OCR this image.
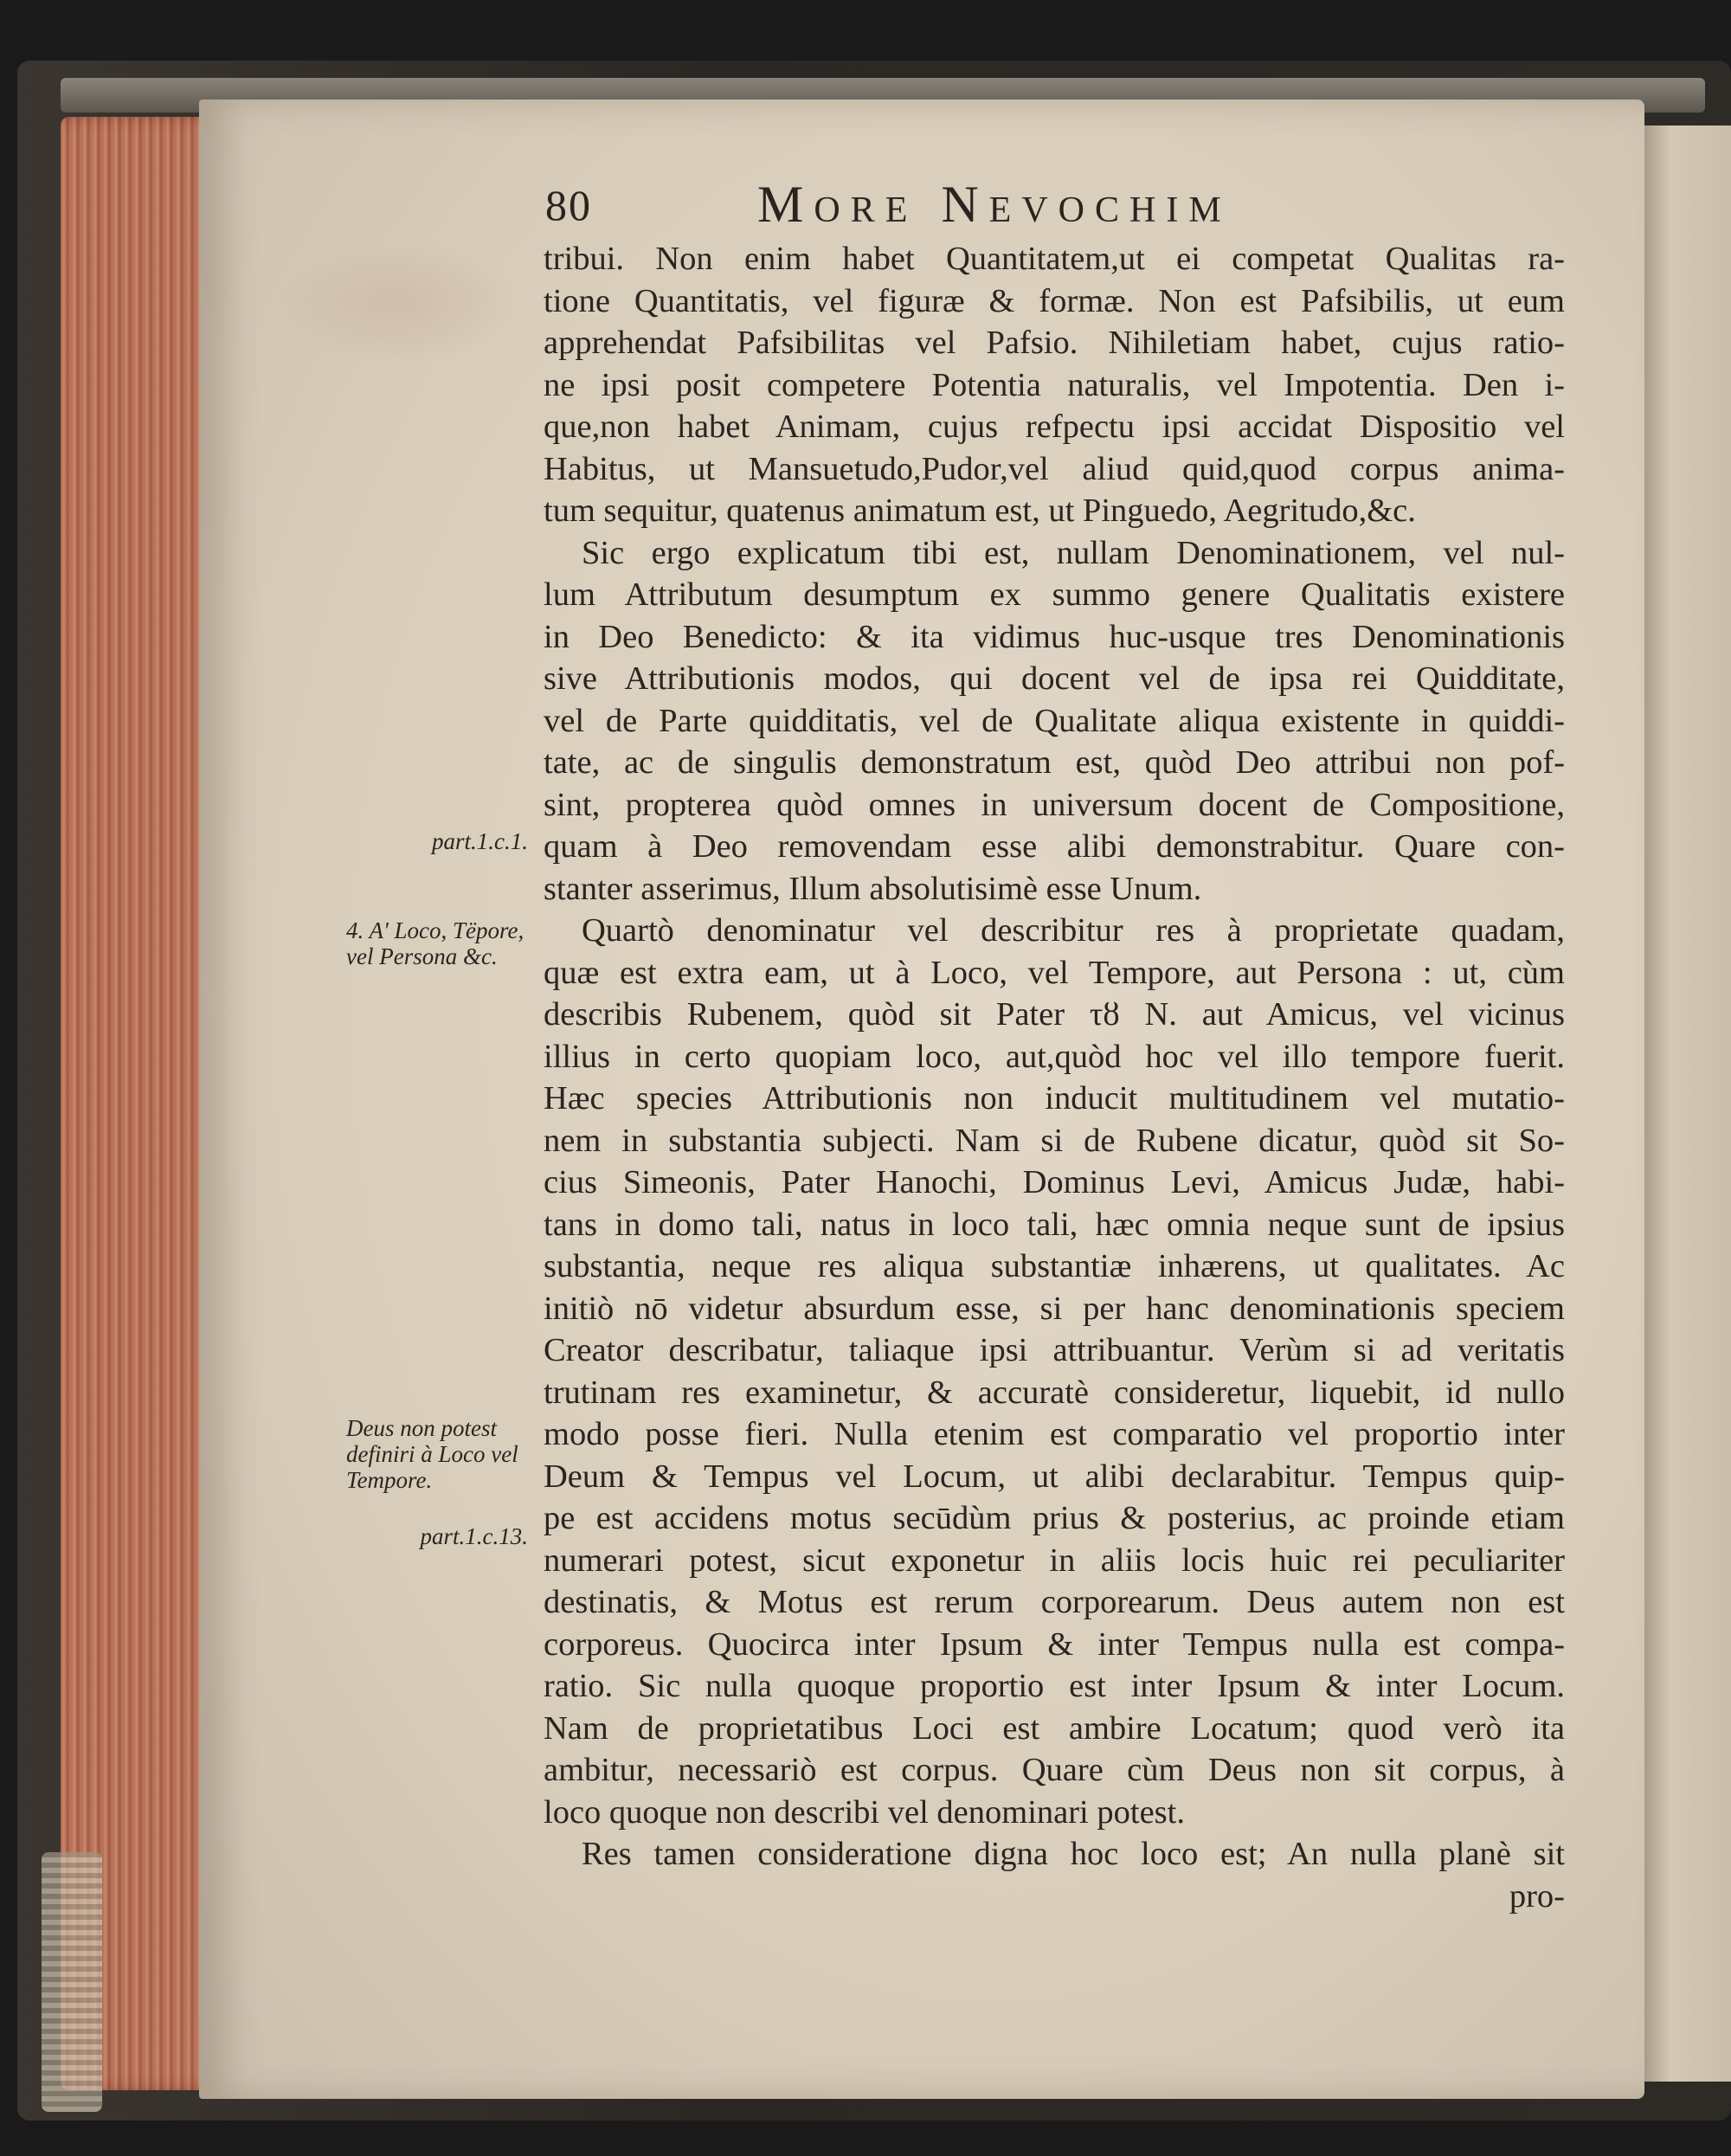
80	More Nevochim
part.1.c.1.
4. A' Loco, Tëpore, vel Persona &c.
Deus non potest definiri à Loco vel Tempore.
part.1.c.13.
tribui. Non enim habet Quantitatem,ut ei competat Qualitas ra-
tione Quantitatis, vel figuræ & formæ. Non est Pafsibilis, ut eum
apprehendat Pafsibilitas vel Pafsio. Nihiletiam habet, cujus ratio-
ne ipsi posit competere Potentia naturalis, vel Impotentia. Den i-
que,non habet Animam, cujus refpectu ipsi accidat Dispositio vel
Habitus, ut Mansuetudo,Pudor,vel aliud quid,quod corpus anima-
tum sequitur, quatenus animatum est, ut Pinguedo, Aegritudo,&c.
Sic ergo explicatum tibi est, nullam Denominationem, vel nul-
lum Attributum desumptum ex summo genere Qualitatis existere
in Deo Benedicto: & ita vidimus huc-usque tres Denominationis
sive Attributionis modos, qui docent vel de ipsa rei Quidditate,
vel de Parte quidditatis, vel de Qualitate aliqua existente in quiddi-
tate, ac de singulis demonstratum est, quòd Deo attribui non pof-
sint, propterea quòd omnes in universum docent de Compositione,
quam à Deo removendam esse alibi demonstrabitur. Quare con-
stanter asserimus, Illum absolutisimè esse Unum.
Quartò denominatur vel describitur res à proprietate quadam,
quæ est extra eam, ut à Loco, vel Tempore, aut Persona : ut, cùm
describis Rubenem, quòd sit Pater τȣ N. aut Amicus, vel vicinus
illius in certo quopiam loco, aut,quòd hoc vel illo tempore fuerit.
Hæc species Attributionis non inducit multitudinem vel mutatio-
nem in substantia subjecti. Nam si de Rubene dicatur, quòd sit So-
cius Simeonis, Pater Hanochi, Dominus Levi, Amicus Judæ, habi-
tans in domo tali, natus in loco tali, hæc omnia neque sunt de ipsius
substantia, neque res aliqua substantiæ inhærens, ut qualitates. Ac
initiò nō videtur absurdum esse, si per hanc denominationis speciem
Creator describatur, taliaque ipsi attribuantur. Verùm si ad veritatis
trutinam res examinetur, & accuratè consideretur, liquebit, id nullo
modo posse fieri. Nulla etenim est comparatio vel proportio inter
Deum & Tempus vel Locum, ut alibi declarabitur. Tempus quip-
pe est accidens motus secūdùm prius & posterius, ac proinde etiam
numerari potest, sicut exponetur in aliis locis huic rei peculiariter
destinatis, & Motus est rerum corporearum. Deus autem non est
corporeus. Quocirca inter Ipsum & inter Tempus nulla est compa-
ratio. Sic nulla quoque proportio est inter Ipsum & inter Locum.
Nam de proprietatibus Loci est ambire Locatum; quod verò ita
ambitur, necessariò est corpus. Quare cùm Deus non sit corpus, à
loco quoque non describi vel denominari potest.
Res tamen consideratione digna hoc loco est; An nulla planè sit
pro-
